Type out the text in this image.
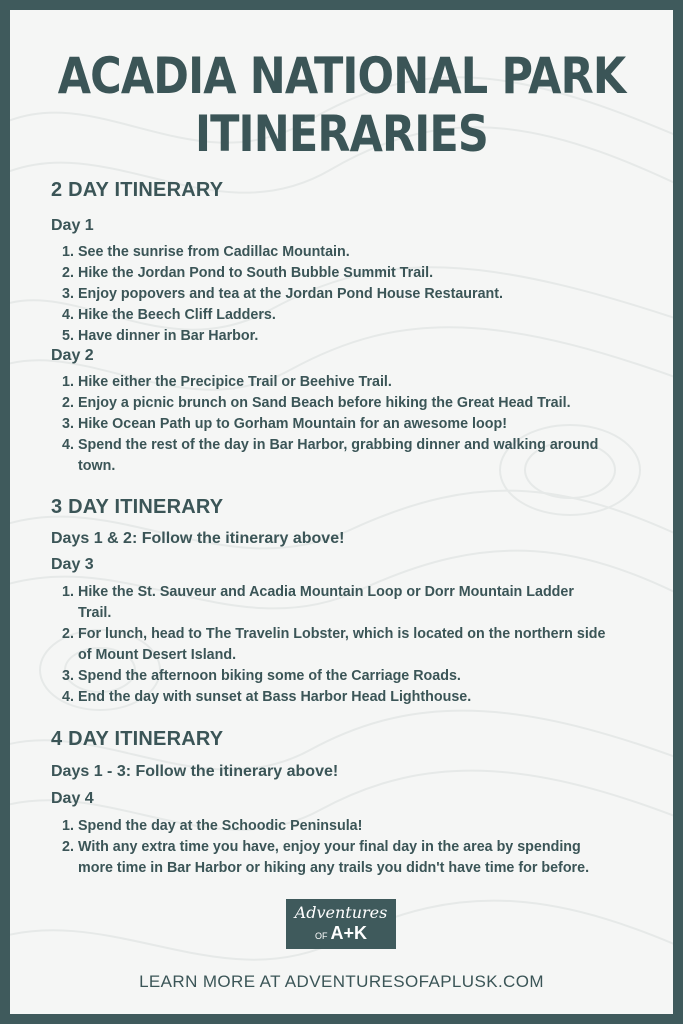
ACADIA NATIONAL PARK
ITINERARIES
2 DAY ITINERARY
Day 1
1. See the sunrise from Cadillac Mountain.
2. Hike the Jordan Pond to South Bubble Summit Trail.
3. Enjoy popovers and tea at the Jordan Pond House Restaurant.
4. Hike the Beech Cliff Ladders.
5. Have dinner in Bar Harbor.
Day 2
1. Hike either the Precipice Trail or Beehive Trail.
2. Enjoy a picnic brunch on Sand Beach before hiking the Great Head Trail.
3. Hike Ocean Path up to Gorham Mountain for an awesome loop!
4. Spend the rest of the day in Bar Harbor, grabbing dinner and walking around town.
3 DAY ITINERARY
Days 1 & 2: Follow the itinerary above!
Day 3
1. Hike the St. Sauveur and Acadia Mountain Loop or Dorr Mountain Ladder Trail.
2. For lunch, head to The Travelin Lobster, which is located on the northern side of Mount Desert Island.
3. Spend the afternoon biking some of the Carriage Roads.
4. End the day with sunset at Bass Harbor Head Lighthouse.
4 DAY ITINERARY
Days 1 - 3: Follow the itinerary above!
Day 4
1. Spend the day at the Schoodic Peninsula!
2. With any extra time you have, enjoy your final day in the area by spending more time in Bar Harbor or hiking any trails you didn't have time for before.
Adventures
OF A+K
LEARN MORE AT ADVENTURESOFAPLUSK.COM
